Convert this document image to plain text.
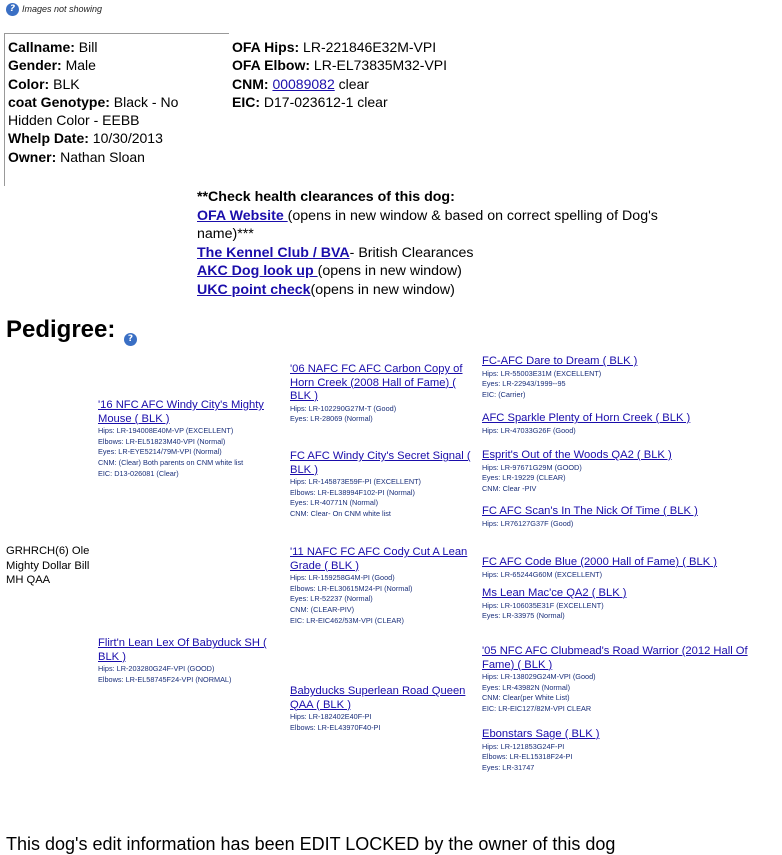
? Images not showing
Callname: Bill
Gender: Male
Color: BLK
coat Genotype: Black - No Hidden Color - EEBB
Whelp Date: 10/30/2013
Owner: Nathan Sloan
OFA Hips: LR-221846E32M-VPI
OFA Elbow: LR-EL73835M32-VPI
CNM: 00089082 clear
EIC: D17-023612-1 clear
**Check health clearances of this dog:
OFA Website (opens in new window & based on correct spelling of Dog's name)***
The Kennel Club / BVA- British Clearances
AKC Dog look up (opens in new window)
UKC point check(opens in new window)
Pedigree: ?
GRHRCH(6) Ole Mighty Dollar Bill MH QAA
'16 NFC AFC Windy City's Mighty Mouse ( BLK )
Hips: LR-194008E40M-VP (EXCELLENT)
Elbows: LR-EL51823M40-VPI (Normal)
Eyes: LR-EYE5214/79M-VPI (Normal)
CNM: (Clear) Both parents on CNM white list
EIC: D13-026081 (Clear)
Flirt'n Lean Lex Of Babyduck SH ( BLK )
Hips: LR-203280G24F-VPI (GOOD)
Elbows: LR-EL58745F24-VPI (NORMAL)
'06 NAFC FC AFC Carbon Copy of Horn Creek (2008 Hall of Fame) ( BLK )
Hips: LR-102290G27M-T (Good)
Eyes: LR-28069 (Normal)
FC AFC Windy City's Secret Signal ( BLK )
Hips: LR-145873E59F-PI (EXCELLENT)
Elbows: LR-EL38994F102-PI (Normal)
Eyes: LR-40771N (Normal)
CNM: Clear- On CNM white list
'11 NAFC FC AFC Cody Cut A Lean Grade ( BLK )
Hips: LR-159258G4M-PI (Good)
Elbows: LR-EL30615M24-PI (Normal)
Eyes: LR-52237 (Normal)
CNM: (CLEAR-PIV)
EIC: LR-EIC462/53M-VPI (CLEAR)
Babyducks Superlean Road Queen QAA ( BLK )
Hips: LR-182402E40F-PI
Elbows: LR-EL43970F40-PI
FC-AFC Dare to Dream ( BLK )
Hips: LR-55003E31M (EXCELLENT)
Eyes: LR-22943/1999--95
EIC: (Carrier)
AFC Sparkle Plenty of Horn Creek ( BLK )
Hips: LR-47033G26F (Good)
Esprit's Out of the Woods QA2 ( BLK )
Hips: LR-97671G29M (GOOD)
Eyes: LR-19229 (CLEAR)
CNM: Clear -PIV
FC AFC Scan's In The Nick Of Time ( BLK )
Hips: LR76127G37F (Good)
FC AFC Code Blue (2000 Hall of Fame) ( BLK )
Hips: LR-65244G60M (EXCELLENT)
Ms Lean Mac'ce QA2 ( BLK )
Hips: LR-106035E31F (EXCELLENT)
Eyes: LR-33975 (Normal)
'05 NFC AFC Clubmead's Road Warrior (2012 Hall Of Fame) ( BLK )
Hips: LR-138029G24M-VPI (Good)
Eyes: LR-43982N (Normal)
CNM: Clear(per White List)
EIC: LR-EIC127/82M-VPI CLEAR
Ebonstars Sage ( BLK )
Hips: LR-121853G24F-PI
Elbows: LR-EL15318F24-PI
Eyes: LR-31747
This dog's edit information has been EDIT LOCKED by the owner of this dog
